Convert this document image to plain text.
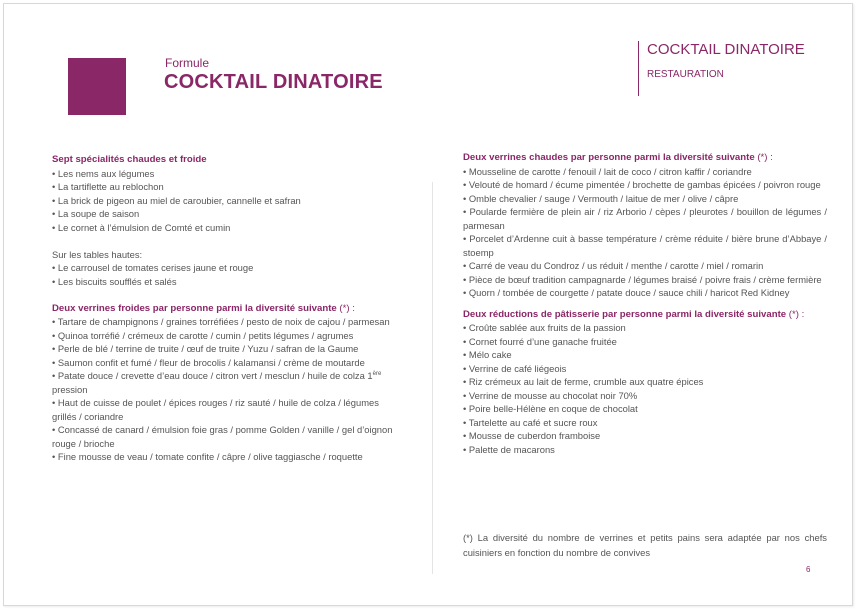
Formule
COCKTAIL DINATOIRE
COCKTAIL DINATOIRE
RESTAURATION
Sept spécialités chaudes et froide
• Les nems aux légumes
• La tartiflette au reblochon
• La brick de pigeon au miel de caroubier, cannelle et safran
• La soupe de saison
• Le cornet à l’émulsion de Comté et cumin
Sur les tables hautes:
• Le carrousel de tomates cerises jaune et rouge
• Les biscuits soufflés et salés
Deux verrines froides par personne parmi la diversité suivante (*) :
• Tartare de champignons / graines torréfiées / pesto de noix de cajou / parmesan
• Quinoa torréfié / crémeux de carotte / cumin / petits légumes / agrumes
• Perle de blé / terrine de truite / œuf de truite / Yuzu / safran de la Gaume
• Saumon confit et fumé / fleur de brocolis / kalamansi / crème de moutarde
• Patate douce / crevette d’eau douce / citron vert / mesclun / huile de colza 1ère pression
• Haut de cuisse de poulet / épices rouges / riz sauté / huile de colza / légumes grillés / coriandre
• Concassé de canard / émulsion foie gras / pomme Golden / vanille / gel d’oignon rouge / brioche
• Fine mousse de veau / tomate confite / câpre / olive taggiasche / roquette
Deux verrines chaudes par personne parmi la diversité suivante (*) :
• Mousseline de carotte / fenouil / lait de coco / citron kaffir / coriandre
• Velouté de homard / écume pimentée / brochette de gambas épicées / poivron rouge
• Omble chevalier / sauge / Vermouth / laitue de mer / olive / câpre
• Poularde fermière de plein air / riz Arborio / cèpes / pleurotes / bouillon de légumes / parmesan
• Porcelet d’Ardenne cuit à basse température / crème réduite / bière brune d’Abbaye / stoemp
• Carré de veau du Condroz / us réduit / menthe / carotte / miel / romarin
• Pièce de bœuf tradition campagnarde / légumes braisé / poivre frais / crème fermière
• Quorn / tombée de courgette / patate douce / sauce chili / haricot Red Kidney
Deux réductions de pâtisserie par personne parmi la diversité suivante (*) :
• Croûte sablée aux fruits de la passion
• Cornet fourré d’une ganache fruitée
• Mélo cake
• Verrine de café liégeois
• Riz crémeux au lait de ferme, crumble aux quatre épices
• Verrine de mousse au chocolat noir 70%
• Poire belle-Hélène en coque de chocolat
• Tartelette au café et sucre roux
• Mousse de cuberdon framboise
• Palette de macarons
(*) La diversité du nombre de verrines et petits pains sera adaptée par nos chefs cuisiniers en fonction du nombre de convives
6
